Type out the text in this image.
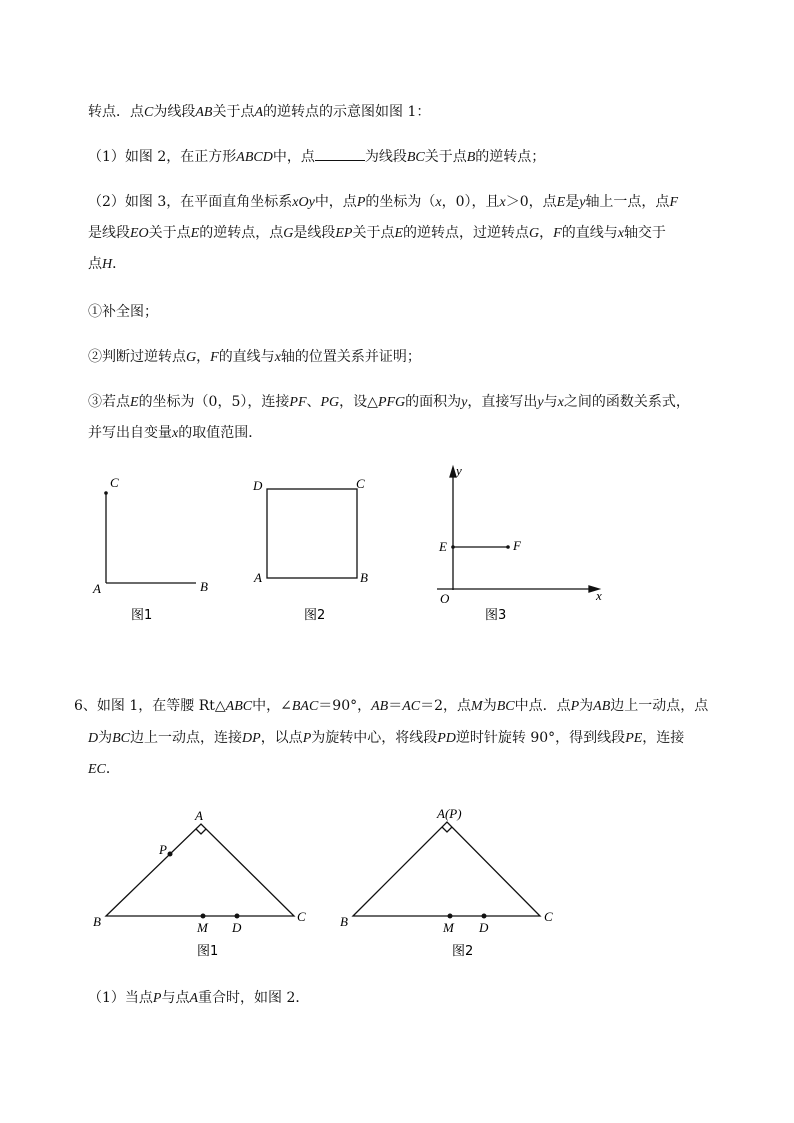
转点．点C为线段AB关于点A的逆转点的示意图如图 1：
（1）如图 2，在正方形ABCD中，点	为线段BC关于点B的逆转点；
（2）如图 3，在平面直角坐标系xOy中，点P的坐标为（x，0），且x＞0，点E是y轴上一点，点F
是线段EO关于点E的逆转点，点G是线段EP关于点E的逆转点，过逆转点G，F的直线与x轴交于
点H．
①补全图；
②判断过逆转点G，F的直线与x轴的位置关系并证明；
③若点E的坐标为（0，5），连接PF、PG，设△PFG的面积为y，直接写出y与x之间的函数关系式，
并写出自变量x的取值范围．
6、如图 1，在等腰 Rt△ABC中，∠BAC＝90°，AB＝AC＝2，点M为BC中点．点P为AB边上一动点，点
D为BC边上一动点，连接DP，以点P为旋转中心，将线段PD逆时针旋转 90°，得到线段PE，连接
EC．
（1）当点P与点A重合时，如图 2．
C
A	B
图1
D	C
A	B
图2
y
E	F
O	x
图3
A
P
B	M D
C
图1
A(P)
B	M D
C
图2
